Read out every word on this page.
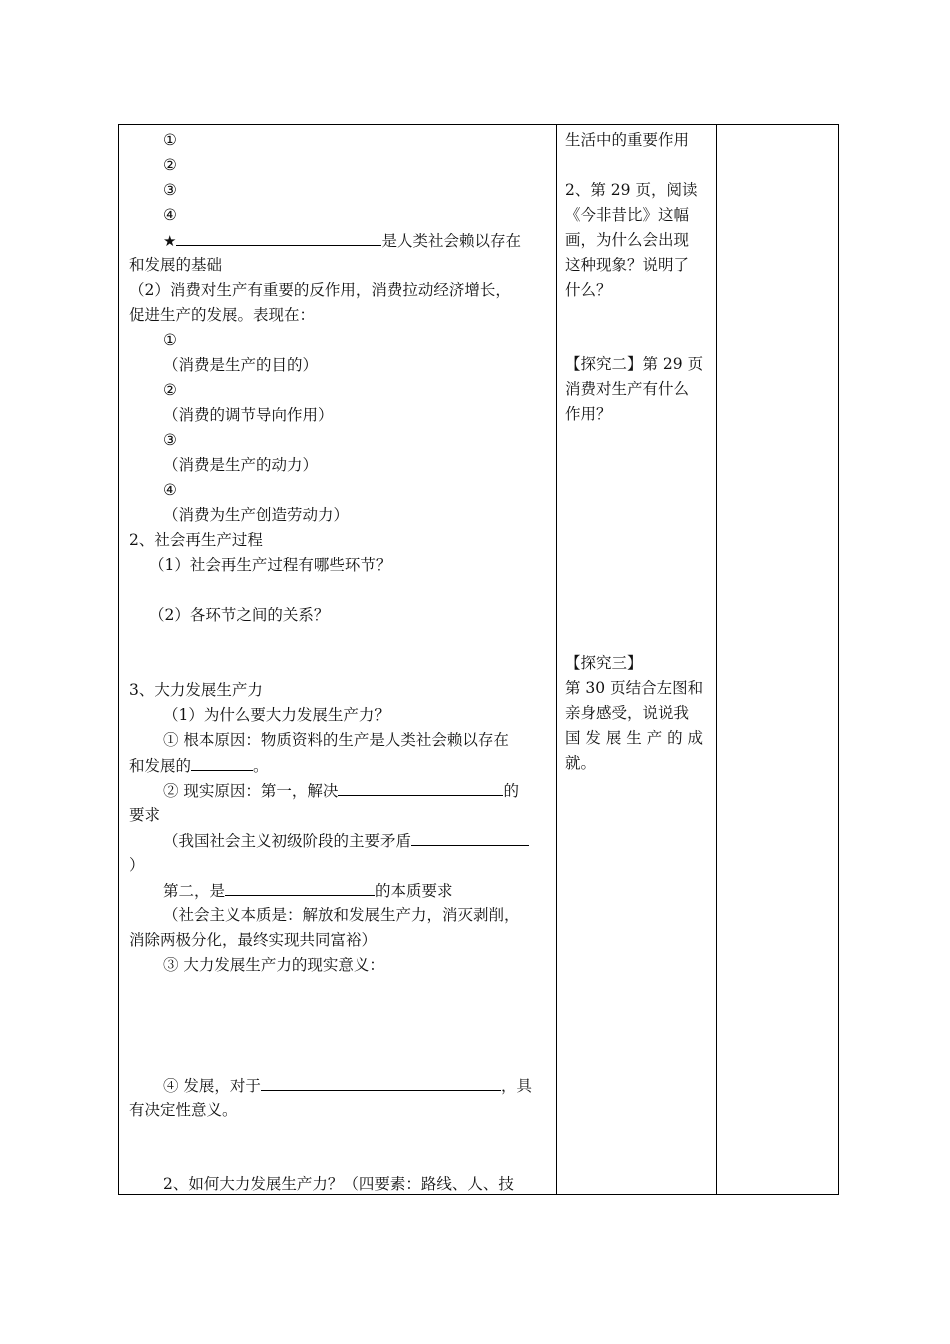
①
②
③
④
★	是人类社会赖以存在
和发展的基础
（2）消费对生产有重要的反作用，消费拉动经济增长，
促进生产的发展。表现在：
①
（消费是生产的目的）
②
（消费的调节导向作用）
③
（消费是生产的动力）
④
（消费为生产创造劳动力）
2、社会再生产过程
（1）社会再生产过程有哪些环节？
（2）各环节之间的关系？
3、大力发展生产力
（1）为什么要大力发展生产力？
① 根本原因：物质资料的生产是人类社会赖以存在
和发展的	。
② 现实原因：第一，解决	的
要求
（我国社会主义初级阶段的主要矛盾
）
第二，是	的本质要求
（社会主义本质是：解放和发展生产力，消灭剥削，
消除两极分化，最终实现共同富裕）
③ 大力发展生产力的现实意义：
④ 发展，对于	，具
有决定性意义。
2、如何大力发展生产力？（四要素：路线、人、技
生活中的重要作用
2、第 29 页，阅读
《今非昔比》这幅
画，为什么会出现
这种现象？说明了
什么？
【探究二】第 29 页
消费对生产有什么
作用？
【探究三】
第 30 页结合左图和
亲身感受，说说我
国 发 展 生 产 的 成
就。
